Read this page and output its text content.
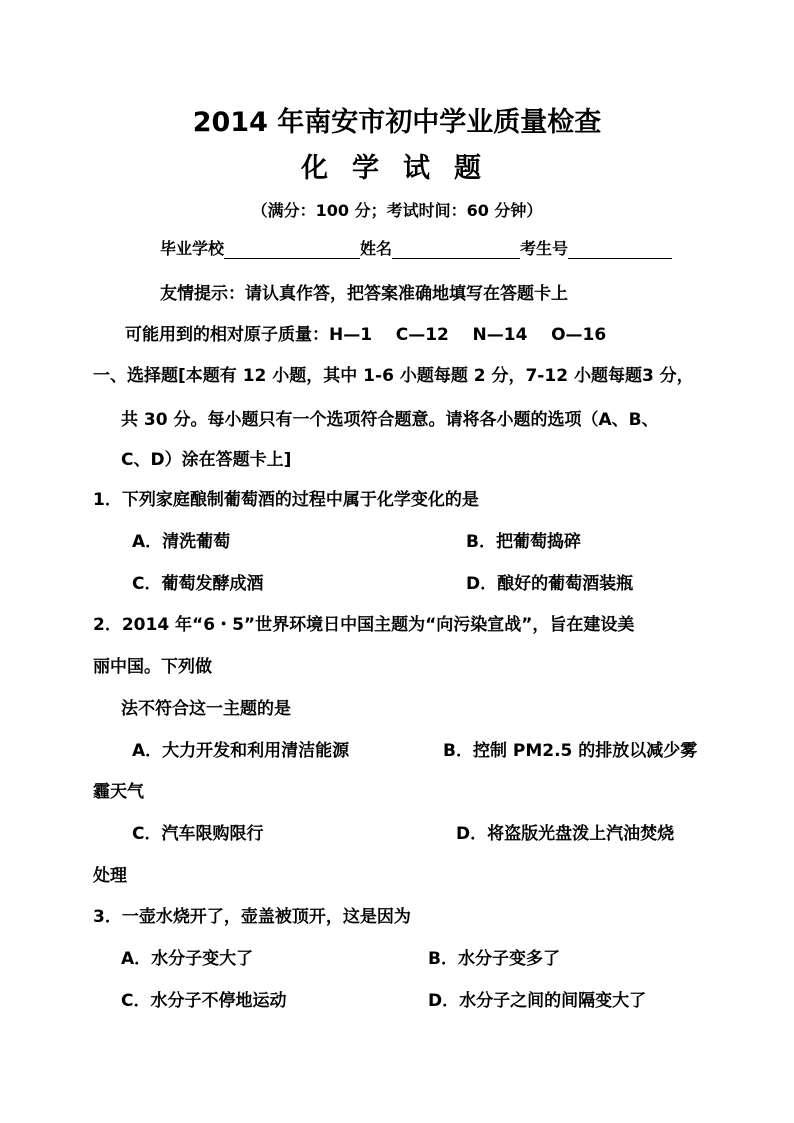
2014 年南安市初中学业质量检查
化学试题
（满分：100 分；考试时间：60 分钟）
毕业学校	姓名	考生号
友情提示：请认真作答，把答案准确地填写在答题卡上
可能用到的相对原子质量：H—1    C—12    N—14    O—16
一、选择题[本题有 12 小题，其中 1-6 小题每题 2 分，7-12 小题每题3 分，
共 30 分。每小题只有一个选项符合题意。请将各小题的选项（A、B、
C、D）涂在答题卡上]
1．下列家庭酿制葡萄酒的过程中属于化学变化的是
A．清洗葡萄	B．把葡萄捣碎
C．葡萄发酵成酒	D．酿好的葡萄酒装瓶
2．2014 年“6・5”世界环境日中国主题为“向污染宣战”，旨在建设美
丽中国。下列做
法不符合这一主题的是
A．大力开发和利用清洁能源	B．控制 PM2.5 的排放以减少雾
霾天气
C．汽车限购限行	D．将盗版光盘泼上汽油焚烧
处理
3．一壶水烧开了，壶盖被顶开，这是因为
A．水分子变大了	B．水分子变多了
C．水分子不停地运动	D．水分子之间的间隔变大了
